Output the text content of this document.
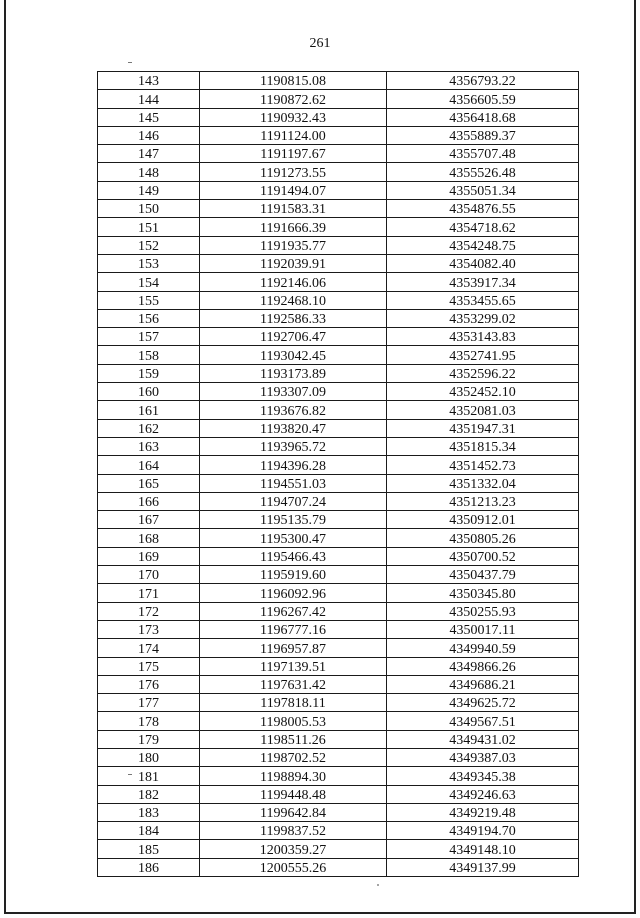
261
143	1190815.08	4356793.22
144	1190872.62	4356605.59
145	1190932.43	4356418.68
146	1191124.00	4355889.37
147	1191197.67	4355707.48
148	1191273.55	4355526.48
149	1191494.07	4355051.34
150	1191583.31	4354876.55
151	1191666.39	4354718.62
152	1191935.77	4354248.75
153	1192039.91	4354082.40
154	1192146.06	4353917.34
155	1192468.10	4353455.65
156	1192586.33	4353299.02
157	1192706.47	4353143.83
158	1193042.45	4352741.95
159	1193173.89	4352596.22
160	1193307.09	4352452.10
161	1193676.82	4352081.03
162	1193820.47	4351947.31
163	1193965.72	4351815.34
164	1194396.28	4351452.73
165	1194551.03	4351332.04
166	1194707.24	4351213.23
167	1195135.79	4350912.01
168	1195300.47	4350805.26
169	1195466.43	4350700.52
170	1195919.60	4350437.79
171	1196092.96	4350345.80
172	1196267.42	4350255.93
173	1196777.16	4350017.11
174	1196957.87	4349940.59
175	1197139.51	4349866.26
176	1197631.42	4349686.21
177	1197818.11	4349625.72
178	1198005.53	4349567.51
179	1198511.26	4349431.02
180	1198702.52	4349387.03
181	1198894.30	4349345.38
182	1199448.48	4349246.63
183	1199642.84	4349219.48
184	1199837.52	4349194.70
185	1200359.27	4349148.10
186	1200555.26	4349137.99
